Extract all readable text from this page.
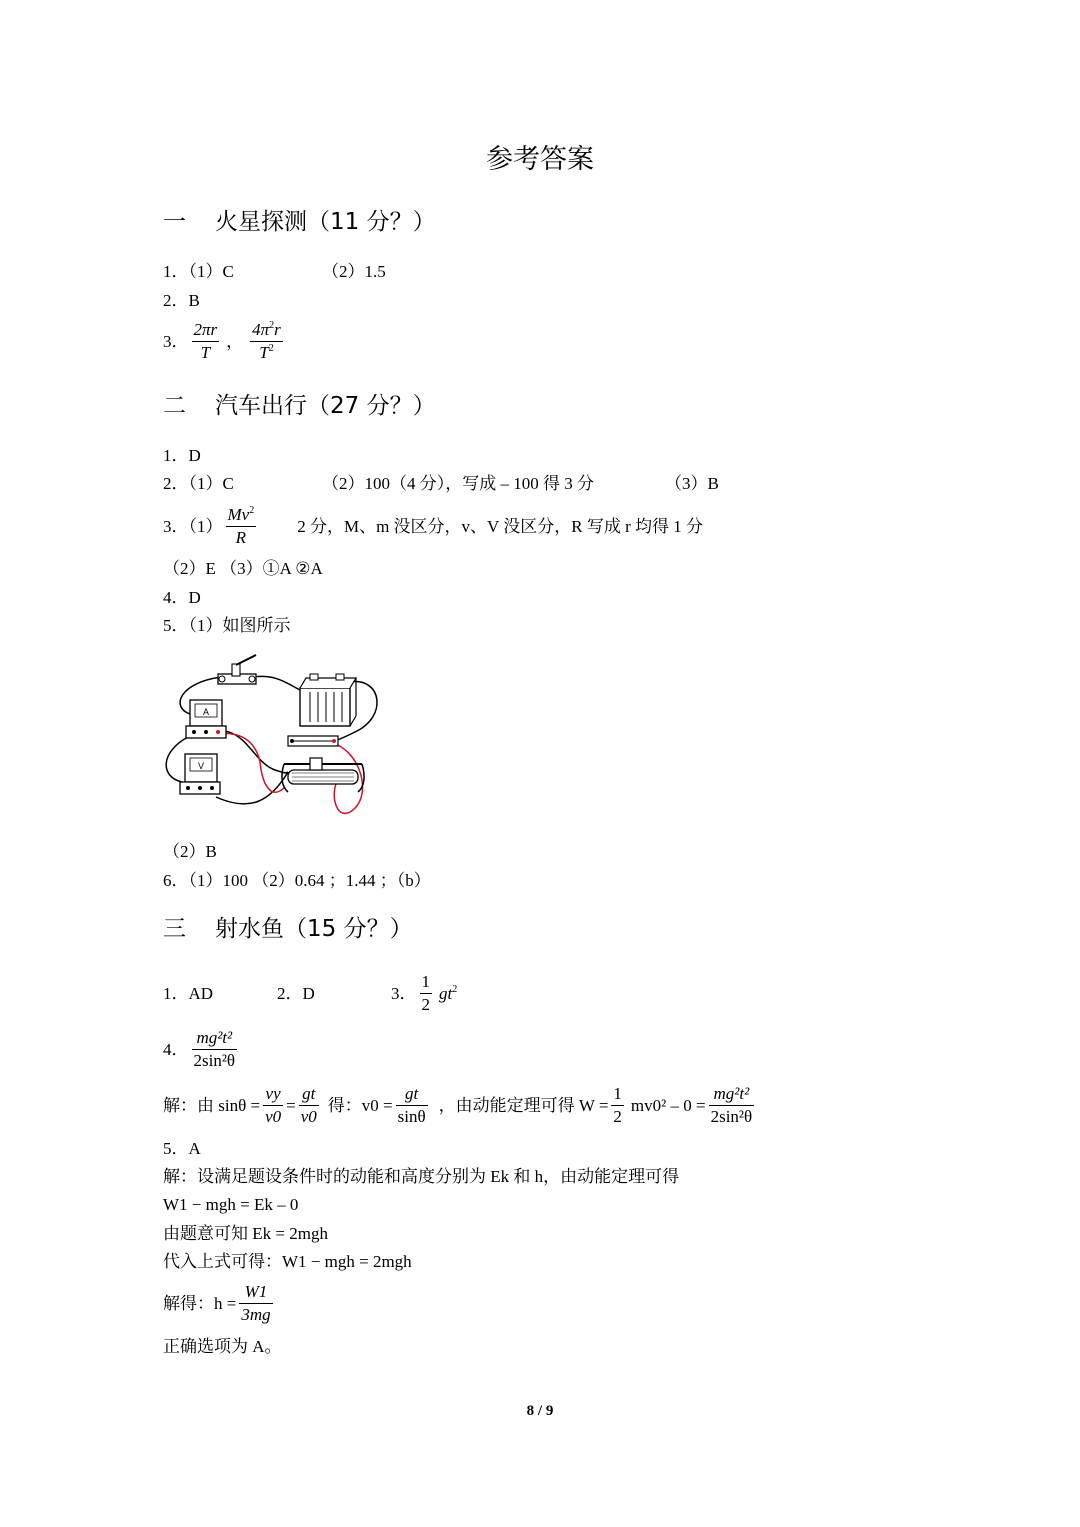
参考答案
一 火星探测（11 分？）
1．（1）C	（2）1.5
2．B
3． $\frac{2\pi r}{T}$ ， $\frac{4\pi^2r}{T^2}$
二 汽车出行（27 分？）
1．D
2．（1）C	（2）100（4 分），写成 – 100 得 3 分	（3）B
3．$(1) \frac{Mv^2}{R} 2$ 分，M、m 没区分，v、V 没区分，R 写成 r 均得 1 分
（2）E （3）①A ②A
4．D
5．（1）如图所示
A
V
（2）B
6．（1）100 （2）0.64 ；1.44 ；（b）
三 射水鱼（15 分？）
1．AD	2．D	3． $\frac{1}{2} gt^2$
4． $\frac{\text{mg²t²}}{\text{2sin²θ}}$
解：由 $\sin\theta = \frac{vy}{v0} = \frac{gt}{v0}$ 得：$v0 = \frac{gt}{\sin\theta}$ ，由动能定理可得 $W = \frac{1}{2} mv0^2 - 0 = \frac{\text{mg²t²}}{\text{2sin²θ}}$
5．A
解：设满足题设条件时的动能和高度分别为 Ek 和 h，由动能定理可得
W1 − mgh = Ek – 0
由题意可知 Ek = 2mgh
代入上式可得：W1 − mgh = 2mgh
解得：$h = \frac{W1}{3mg}$
正确选项为 A。
8 / 9
